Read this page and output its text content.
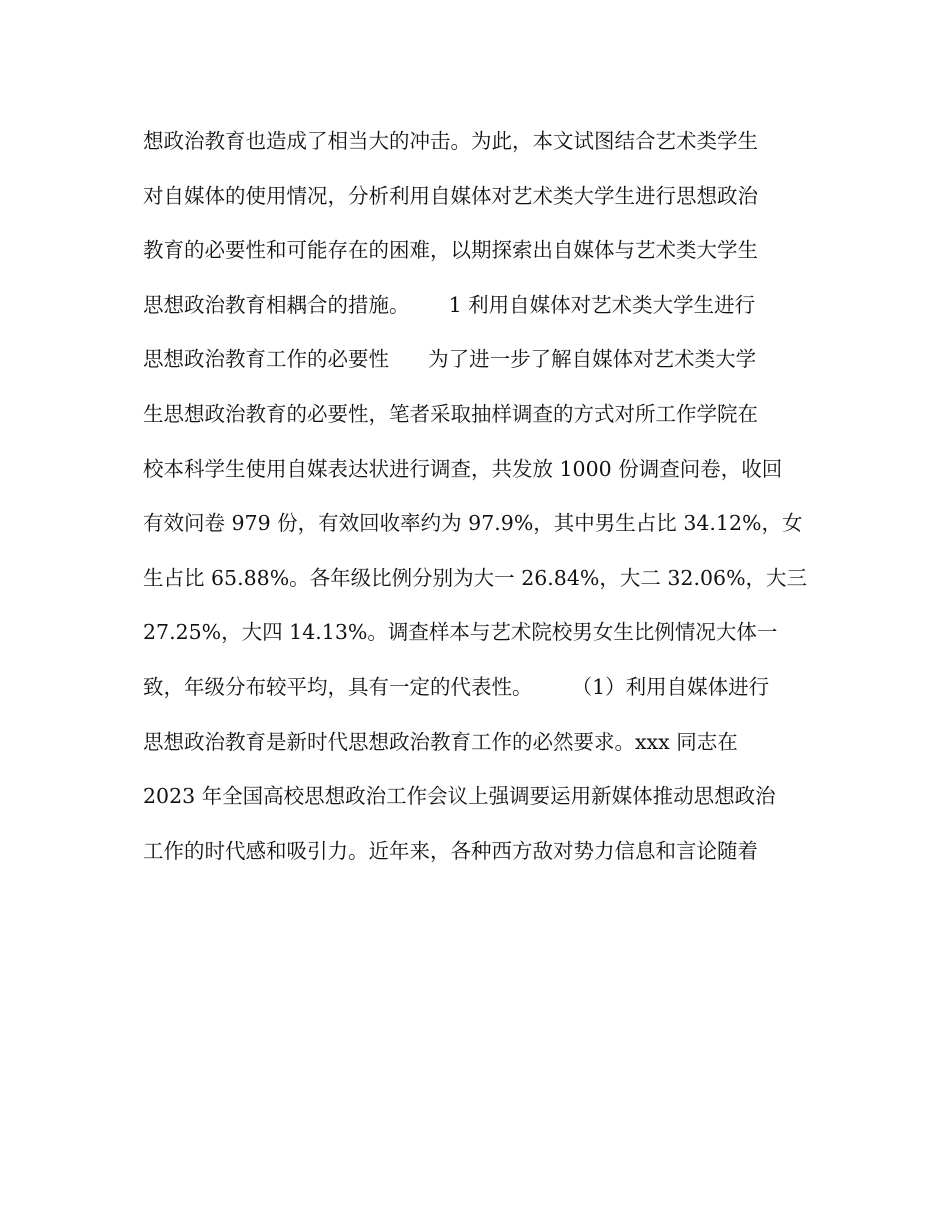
想政治教育也造成了相当大的冲击。为此，本文试图结合艺术类学生
对自媒体的使用情况，分析利用自媒体对艺术类大学生进行思想政治
教育的必要性和可能存在的困难，以期探索出自媒体与艺术类大学生
思想政治教育相耦合的措施。      1 利用自媒体对艺术类大学生进行
思想政治教育工作的必要性      为了进一步了解自媒体对艺术类大学
生思想政治教育的必要性，笔者采取抽样调查的方式对所工作学院在
校本科学生使用自媒表达状进行调查，共发放 1000 份调查问卷，收回
有效问卷 979 份，有效回收率约为 97.9%，其中男生占比 34.12%，女
生占比 65.88%。各年级比例分别为大一 26.84%，大二 32.06%，大三
27.25%，大四 14.13%。调查样本与艺术院校男女生比例情况大体一
致，年级分布较平均，具有一定的代表性。      （1）利用自媒体进行
思想政治教育是新时代思想政治教育工作的必然要求。xxx 同志在
2023 年全国高校思想政治工作会议上强调要运用新媒体推动思想政治
工作的时代感和吸引力。近年来，各种西方敌对势力信息和言论随着
